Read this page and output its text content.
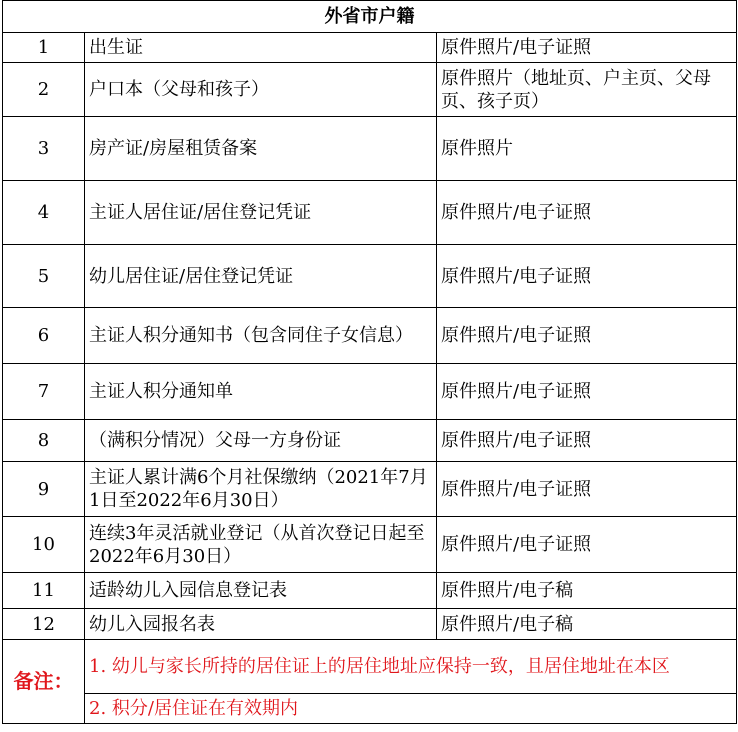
外省市户籍		
1	出生证	原件照片/电子证照
2	户口本（父母和孩子）	原件照片（地址页、户主页、父母页、孩子页）
3	房产证/房屋租赁备案	原件照片
4	主证人居住证/居住登记凭证	原件照片/电子证照
5	幼儿居住证/居住登记凭证	原件照片/电子证照
6	主证人积分通知书（包含同住子女信息）	原件照片/电子证照
7	主证人积分通知单	原件照片/电子证照
8	（满积分情况）父母一方身份证	原件照片/电子证照
9	主证人累计满6个月社保缴纳（2021年7月1日至2022年6月30日）	原件照片/电子证照
10	连续3年灵活就业登记（从首次登记日起至2022年6月30日）	原件照片/电子证照
11	适龄幼儿入园信息登记表	原件照片/电子稿
12	幼儿入园报名表	原件照片/电子稿
备注：	1. 幼儿与家长所持的居住证上的居住地址应保持一致，且居住地址在本区	
	2. 积分/居住证在有效期内	
